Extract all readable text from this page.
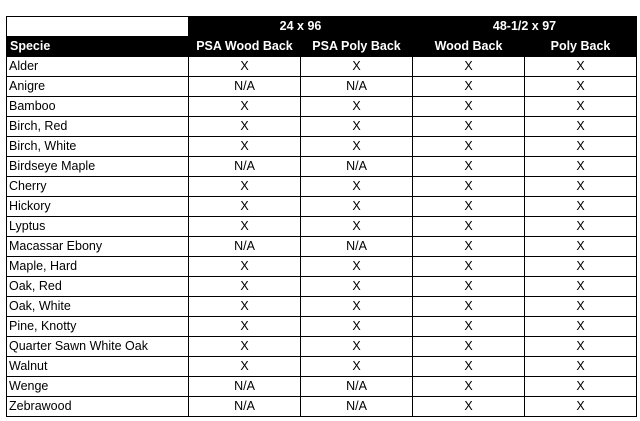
	24 x 96		48-1/2 x 97	
Specie	PSA Wood Back	PSA Poly Back	Wood Back	Poly Back
Alder	X	X	X	X
Anigre	N/A	N/A	X	X
Bamboo	X	X	X	X
Birch, Red	X	X	X	X
Birch, White	X	X	X	X
Birdseye Maple	N/A	N/A	X	X
Cherry	X	X	X	X
Hickory	X	X	X	X
Lyptus	X	X	X	X
Macassar Ebony	N/A	N/A	X	X
Maple, Hard	X	X	X	X
Oak, Red	X	X	X	X
Oak, White	X	X	X	X
Pine, Knotty	X	X	X	X
Quarter Sawn White Oak	X	X	X	X
Walnut	X	X	X	X
Wenge	N/A	N/A	X	X
Zebrawood	N/A	N/A	X	X
